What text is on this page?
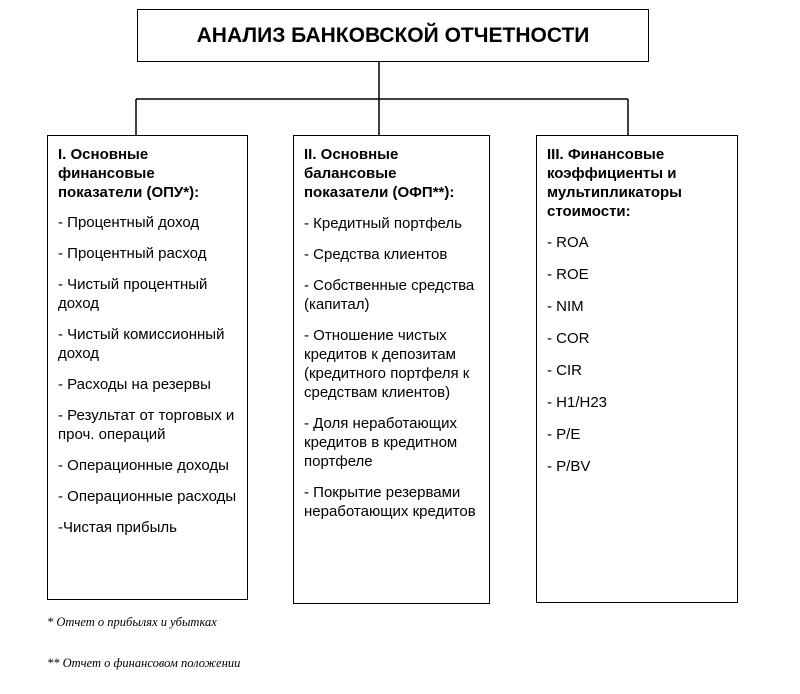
АНАЛИЗ БАНКОВСКОЙ ОТЧЕТНОСТИ
I. Основные финансовые показатели (ОПУ*):
- Процентный доход
- Процентный расход
- Чистый процентный доход
- Чистый комиссионный доход
- Расходы на резервы
- Результат от торговых и проч. операций
- Операционные доходы
- Операционные расходы
-Чистая прибыль
II. Основные балансовые показатели (ОФП**):
- Кредитный портфель
- Средства клиентов
- Собственные средства (капитал)
- Отношение чистых кредитов к депозитам (кредитного портфеля к средствам клиентов)
- Доля неработающих кредитов в кредитном портфеле
- Покрытие резервами неработающих кредитов
III. Финансовые коэффициенты и мультипликаторы стоимости:
- ROA
- ROE
- NIM
- COR
- CIR
- H1/H23
- P/E
- P/BV
* Отчет о прибылях и убытках
** Отчет о финансовом положении
